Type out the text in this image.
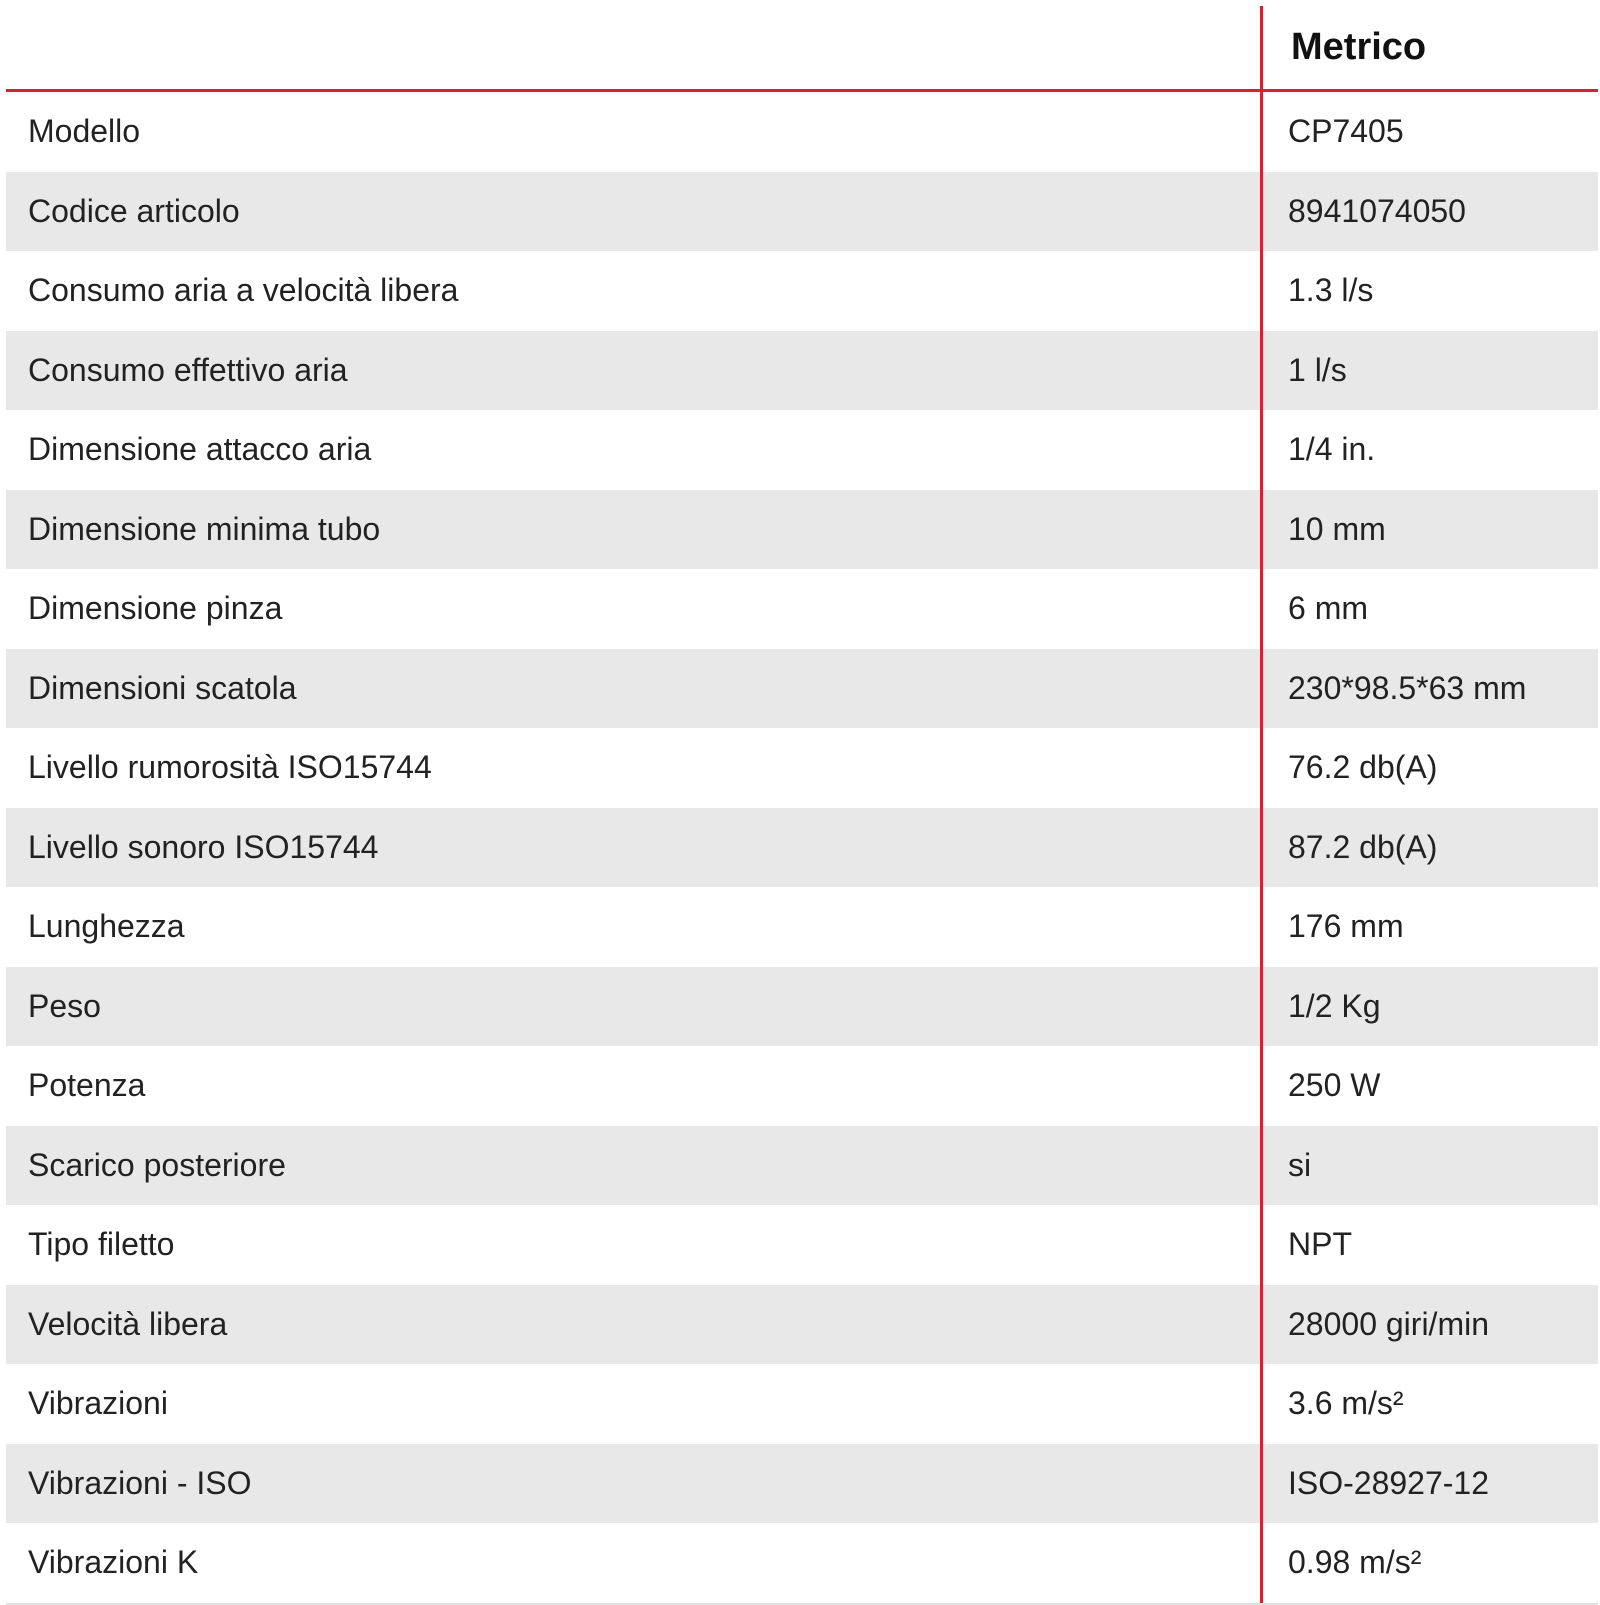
Metrico
Modello	CP7405
Codice articolo	8941074050
Consumo aria a velocità libera	1.3 l/s
Consumo effettivo aria	1 l/s
Dimensione attacco aria	1/4 in.
Dimensione minima tubo	10 mm
Dimensione pinza	6 mm
Dimensioni scatola	230*98.5*63 mm
Livello rumorosità ISO15744	76.2 db(A)
Livello sonoro ISO15744	87.2 db(A)
Lunghezza	176 mm
Peso	1/2 Kg
Potenza	250 W
Scarico posteriore	si
Tipo filetto	NPT
Velocità libera	28000 giri/min
Vibrazioni	3.6 m/s²
Vibrazioni - ISO	ISO-28927-12
Vibrazioni K	0.98 m/s²
